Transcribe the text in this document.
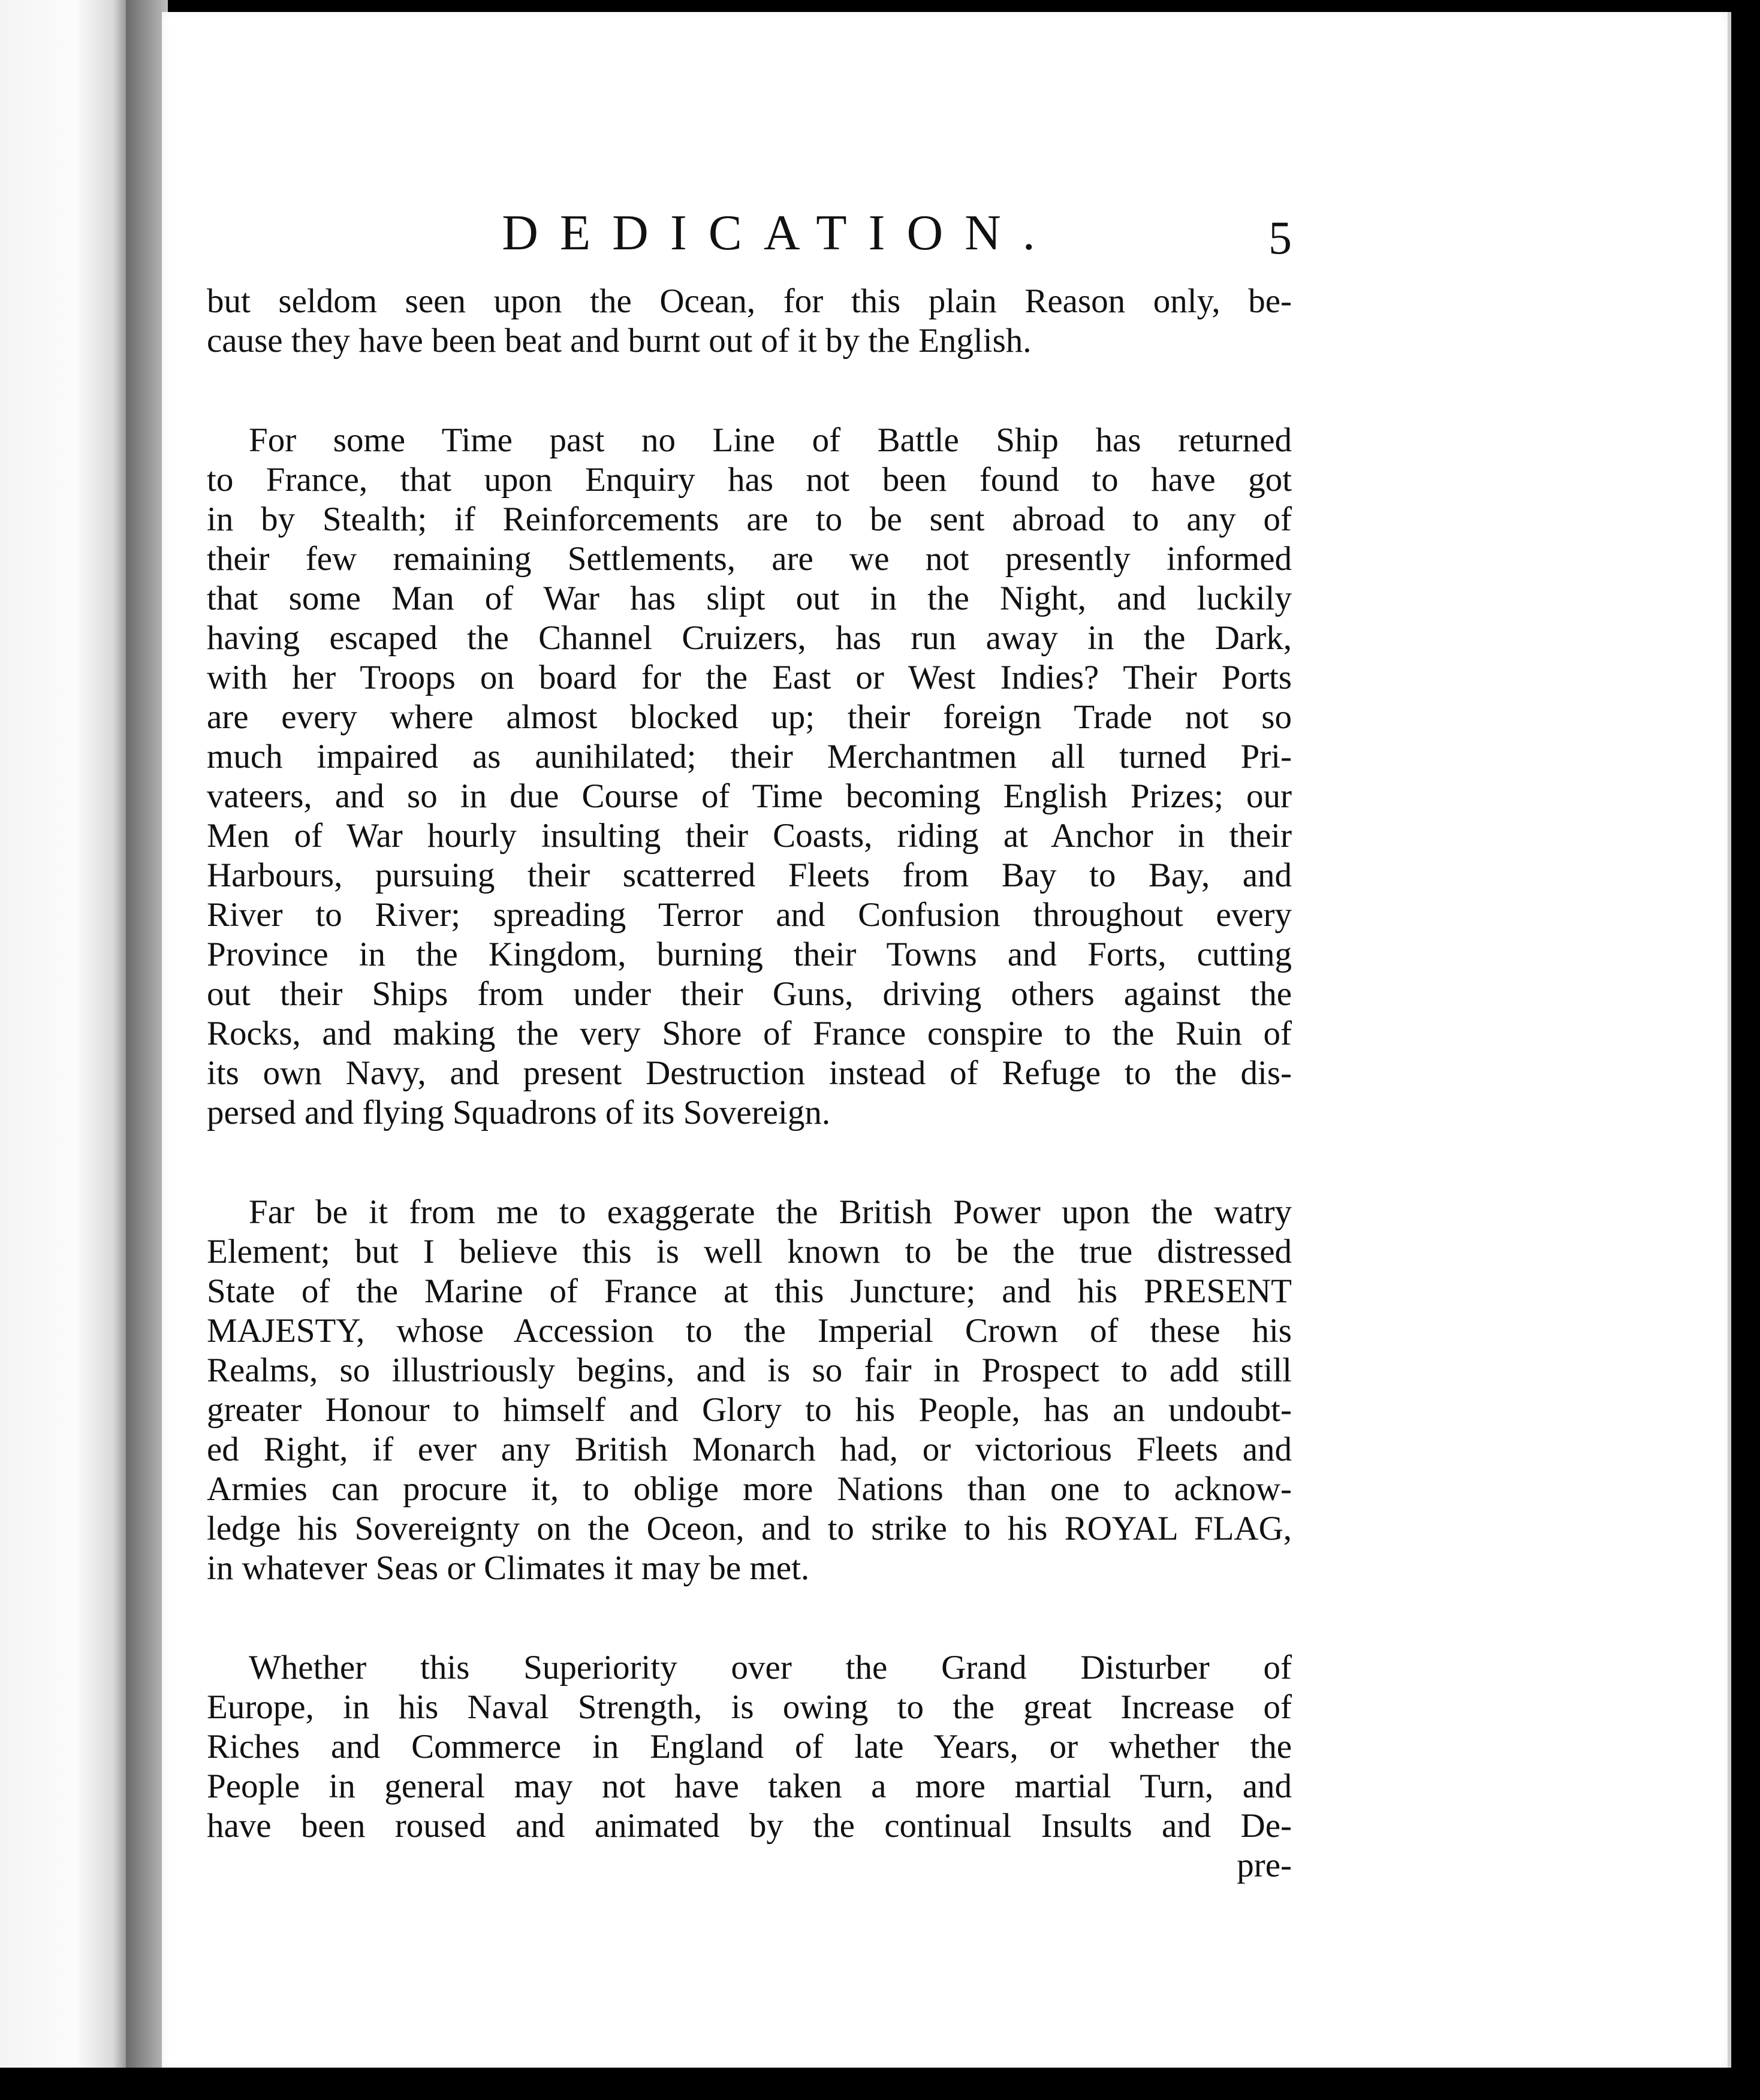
DEDICATION.	5
but seldom seen upon the Ocean, for this plain Reason only, be-
cause they have been beat and burnt out of it by the English.
For some Time past no Line of Battle Ship has returned
to France, that upon Enquiry has not been found to have got
in by Stealth; if Reinforcements are to be sent abroad to any of
their few remaining Settlements, are we not presently informed
that some Man of War has slipt out in the Night, and luckily
having escaped the Channel Cruizers, has run away in the Dark,
with her Troops on board for the East or West Indies? Their Ports
are every where almost blocked up; their foreign Trade not so
much impaired as aunihilated; their Merchantmen all turned Pri-
vateers, and so in due Course of Time becoming English Prizes; our
Men of War hourly insulting their Coasts, riding at Anchor in their
Harbours, pursuing their scatterred Fleets from Bay to Bay, and
River to River; spreading Terror and Confusion throughout every
Province in the Kingdom, burning their Towns and Forts, cutting
out their Ships from under their Guns, driving others against the
Rocks, and making the very Shore of France conspire to the Ruin of
its own Navy, and present Destruction instead of Refuge to the dis-
persed and flying Squadrons of its Sovereign.
Far be it from me to exaggerate the British Power upon the watry
Element; but I believe this is well known to be the true distressed
State of the Marine of France at this Juncture; and his PRESENT
MAJESTY, whose Accession to the Imperial Crown of these his
Realms, so illustriously begins, and is so fair in Prospect to add still
greater Honour to himself and Glory to his People, has an undoubt-
ed Right, if ever any British Monarch had, or victorious Fleets and
Armies can procure it, to oblige more Nations than one to acknow-
ledge his Sovereignty on the Oceon, and to strike to his ROYAL FLAG,
in whatever Seas or Climates it may be met.
Whether this Superiority over the Grand Disturber of
Europe, in his Naval Strength, is owing to the great Increase of
Riches and Commerce in England of late Years, or whether the
People in general may not have taken a more martial Turn, and
have been roused and animated by the continual Insults and De-
pre-
